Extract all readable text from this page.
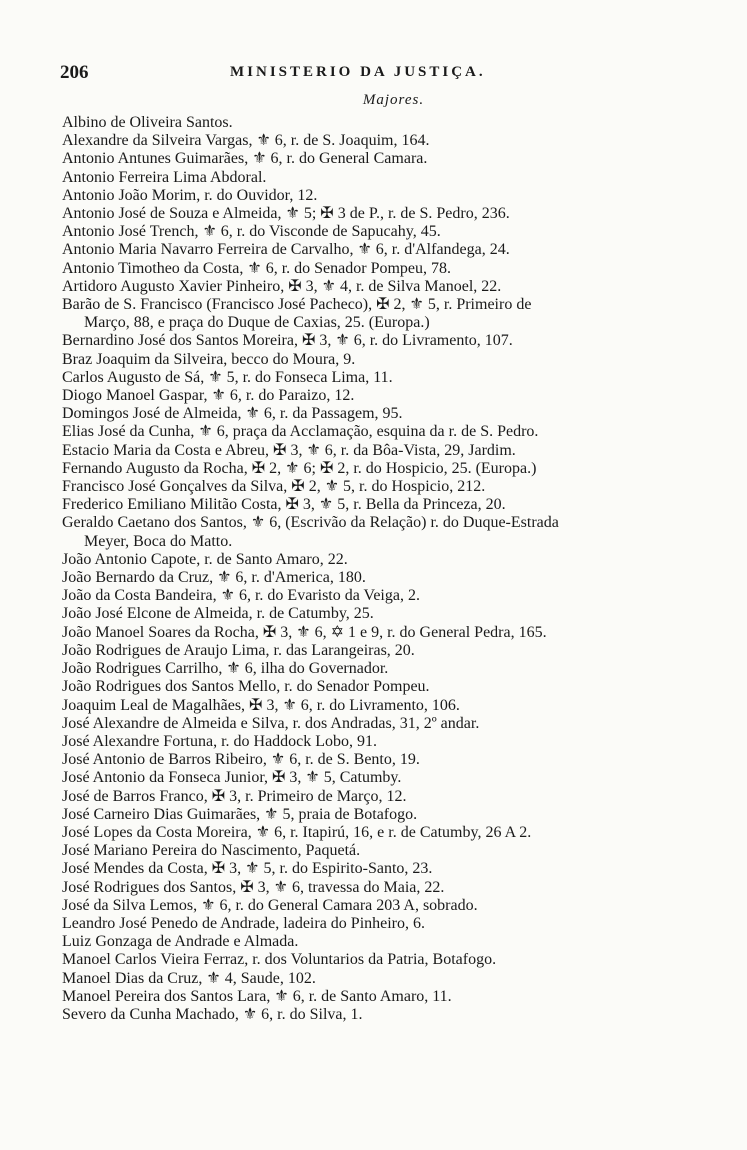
206	MINISTERIO DA JUSTIÇA.
Majores.
Albino de Oliveira Santos.
Alexandre da Silveira Vargas, ⚜ 6, r. de S. Joaquim, 164.
Antonio Antunes Guimarães, ⚜ 6, r. do General Camara.
Antonio Ferreira Lima Abdoral.
Antonio João Morim, r. do Ouvidor, 12.
Antonio José de Souza e Almeida, ⚜ 5; ✠ 3 de P., r. de S. Pedro, 236.
Antonio José Trench, ⚜ 6, r. do Visconde de Sapucahy, 45.
Antonio Maria Navarro Ferreira de Carvalho, ⚜ 6, r. d'Alfandega, 24.
Antonio Timotheo da Costa, ⚜ 6, r. do Senador Pompeu, 78.
Artidoro Augusto Xavier Pinheiro, ✠ 3, ⚜ 4, r. de Silva Manoel, 22.
Barão de S. Francisco (Francisco José Pacheco), ✠ 2, ⚜ 5, r. Primeiro de
Março, 88, e praça do Duque de Caxias, 25. (Europa.)
Bernardino José dos Santos Moreira, ✠ 3, ⚜ 6, r. do Livramento, 107.
Braz Joaquim da Silveira, becco do Moura, 9.
Carlos Augusto de Sá, ⚜ 5, r. do Fonseca Lima, 11.
Diogo Manoel Gaspar, ⚜ 6, r. do Paraizo, 12.
Domingos José de Almeida, ⚜ 6, r. da Passagem, 95.
Elias José da Cunha, ⚜ 6, praça da Acclamação, esquina da r. de S. Pedro.
Estacio Maria da Costa e Abreu, ✠ 3, ⚜ 6, r. da Bôa-Vista, 29, Jardim.
Fernando Augusto da Rocha, ✠ 2, ⚜ 6; ✠ 2, r. do Hospicio, 25. (Europa.)
Francisco José Gonçalves da Silva, ✠ 2, ⚜ 5, r. do Hospicio, 212.
Frederico Emiliano Militão Costa, ✠ 3, ⚜ 5, r. Bella da Princeza, 20.
Geraldo Caetano dos Santos, ⚜ 6, (Escrivão da Relação) r. do Duque-Estrada
Meyer, Boca do Matto.
João Antonio Capote, r. de Santo Amaro, 22.
João Bernardo da Cruz, ⚜ 6, r. d'America, 180.
João da Costa Bandeira, ⚜ 6, r. do Evaristo da Veiga, 2.
João José Elcone de Almeida, r. de Catumby, 25.
João Manoel Soares da Rocha, ✠ 3, ⚜ 6, ✡ 1 e 9, r. do General Pedra, 165.
João Rodrigues de Araujo Lima, r. das Larangeiras, 20.
João Rodrigues Carrilho, ⚜ 6, ilha do Governador.
João Rodrigues dos Santos Mello, r. do Senador Pompeu.
Joaquim Leal de Magalhães, ✠ 3, ⚜ 6, r. do Livramento, 106.
José Alexandre de Almeida e Silva, r. dos Andradas, 31, 2º andar.
José Alexandre Fortuna, r. do Haddock Lobo, 91.
José Antonio de Barros Ribeiro, ⚜ 6, r. de S. Bento, 19.
José Antonio da Fonseca Junior, ✠ 3, ⚜ 5, Catumby.
José de Barros Franco, ✠ 3, r. Primeiro de Março, 12.
José Carneiro Dias Guimarães, ⚜ 5, praia de Botafogo.
José Lopes da Costa Moreira, ⚜ 6, r. Itapirú, 16, e r. de Catumby, 26 A 2.
José Mariano Pereira do Nascimento, Paquetá.
José Mendes da Costa, ✠ 3, ⚜ 5, r. do Espirito-Santo, 23.
José Rodrigues dos Santos, ✠ 3, ⚜ 6, travessa do Maia, 22.
José da Silva Lemos, ⚜ 6, r. do General Camara 203 A, sobrado.
Leandro José Penedo de Andrade, ladeira do Pinheiro, 6.
Luiz Gonzaga de Andrade e Almada.
Manoel Carlos Vieira Ferraz, r. dos Voluntarios da Patria, Botafogo.
Manoel Dias da Cruz, ⚜ 4, Saude, 102.
Manoel Pereira dos Santos Lara, ⚜ 6, r. de Santo Amaro, 11.
Severo da Cunha Machado, ⚜ 6, r. do Silva, 1.
